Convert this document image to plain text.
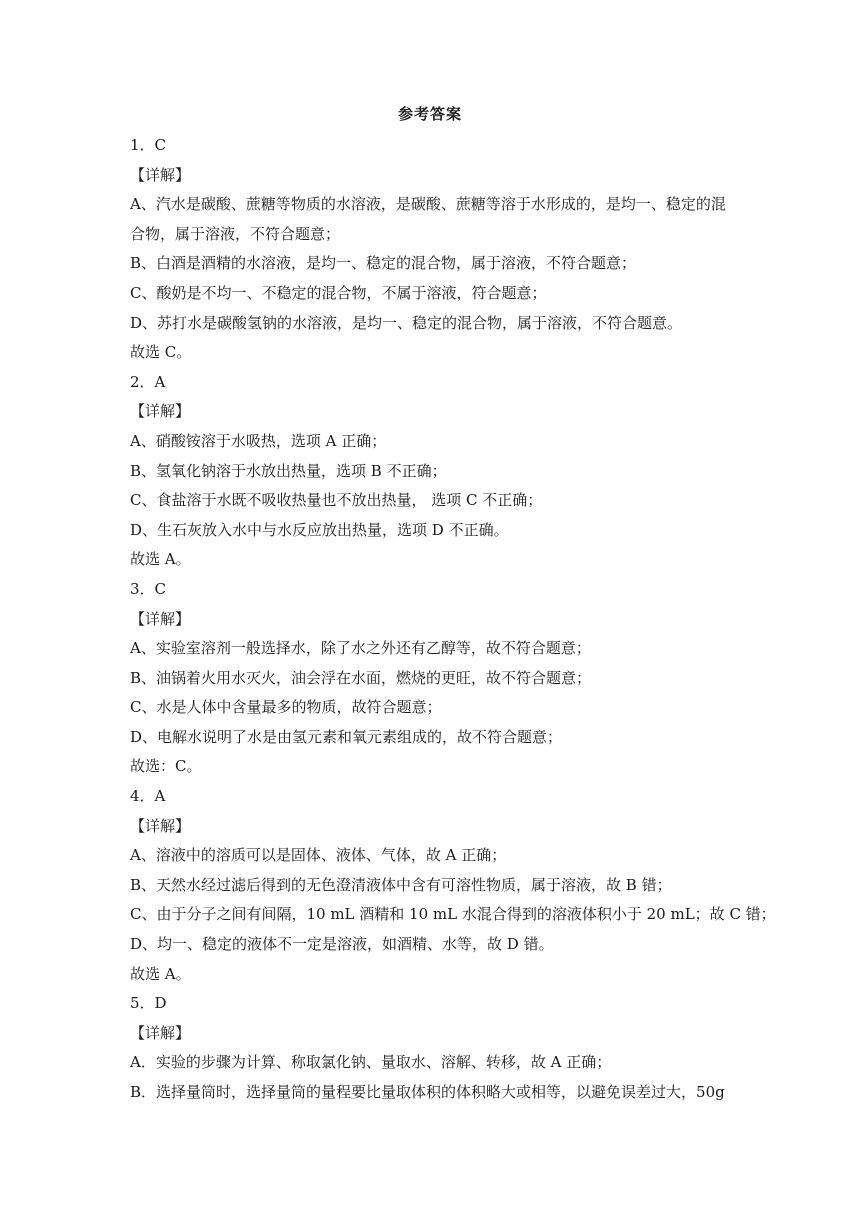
参考答案
1．C
【详解】
A、汽水是碳酸、蔗糖等物质的水溶液，是碳酸、蔗糖等溶于水形成的，是均一、稳定的混
合物，属于溶液，不符合题意；
B、白酒是酒精的水溶液，是均一、稳定的混合物，属于溶液，不符合题意；
C、酸奶是不均一、不稳定的混合物，不属于溶液，符合题意；
D、苏打水是碳酸氢钠的水溶液，是均一、稳定的混合物，属于溶液，不符合题意。
故选 C。
2．A
【详解】
A、硝酸铵溶于水吸热，选项 A 正确；
B、氢氧化钠溶于水放出热量，选项 B 不正确；
C、食盐溶于水既不吸收热量也不放出热量， 选项 C 不正确；
D、生石灰放入水中与水反应放出热量，选项 D 不正确。
故选 A。
3．C
【详解】
A、实验室溶剂一般选择水，除了水之外还有乙醇等，故不符合题意；
B、油锅着火用水灭火，油会浮在水面，燃烧的更旺，故不符合题意；
C、水是人体中含量最多的物质，故符合题意；
D、电解水说明了水是由氢元素和氧元素组成的，故不符合题意；
故选：C。
4．A
【详解】
A、溶液中的溶质可以是固体、液体、气体，故 A 正确；
B、天然水经过滤后得到的无色澄清液体中含有可溶性物质，属于溶液，故 B 错；
C、由于分子之间有间隔，10 mL 酒精和 10 mL 水混合得到的溶液体积小于 20 mL；故 C 错；
D、均一、稳定的液体不一定是溶液，如酒精、水等，故 D 错。
故选 A。
5．D
【详解】
A．实验的步骤为计算、称取氯化钠、量取水、溶解、转移，故 A 正确；
B．选择量筒时，选择量筒的量程要比量取体积的体积略大或相等，以避免误差过大，50g
